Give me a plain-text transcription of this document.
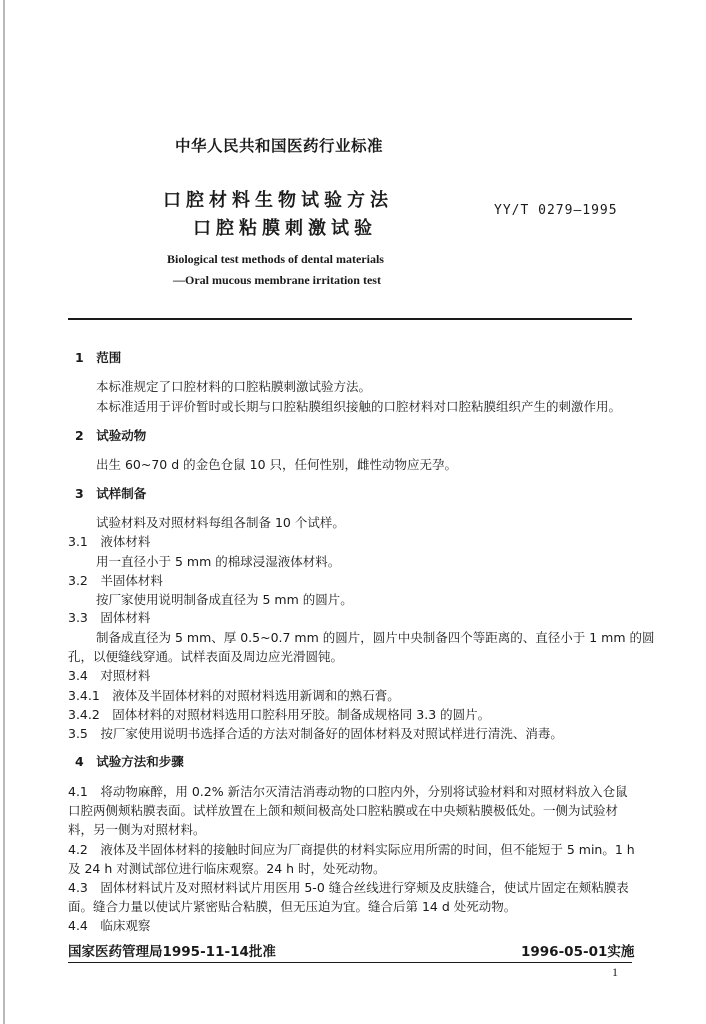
中华人民共和国医药行业标准
口腔材料生物试验方法
口腔粘膜刺激试验
YY/T 0279—1995
Biological test methods of dental materials
—Oral mucous membrane irritation test
1　范围
本标准规定了口腔材料的口腔粘膜刺激试验方法。
本标准适用于评价暂时或长期与口腔粘膜组织接触的口腔材料对口腔粘膜组织产生的刺激作用。
2　试验动物
出生 60~70 d 的金色仓鼠 10 只，任何性别，雌性动物应无孕。
3　试样制备
试验材料及对照材料每组各制备 10 个试样。
3.1　液体材料
用一直径小于 5 mm 的棉球浸湿液体材料。
3.2　半固体材料
按厂家使用说明制备成直径为 5 mm 的圆片。
3.3　固体材料
制备成直径为 5 mm、厚 0.5~0.7 mm 的圆片，圆片中央制备四个等距离的、直径小于 1 mm 的圆
孔，以便缝线穿通。试样表面及周边应光滑圆钝。
3.4　对照材料
3.4.1　液体及半固体材料的对照材料选用新调和的熟石膏。
3.4.2　固体材料的对照材料选用口腔科用牙胶。制备成规格同 3.3 的圆片。
3.5　按厂家使用说明书选择合适的方法对制备好的固体材料及对照试样进行清洗、消毒。
4　试验方法和步骤
4.1　将动物麻醉，用 0.2% 新洁尔灭清洁消毒动物的口腔内外，分别将试验材料和对照材料放入仓鼠
口腔两侧颊粘膜表面。试样放置在上颌和颊间极高处口腔粘膜或在中央颊粘膜极低处。一侧为试验材
料，另一侧为对照材料。
4.2　液体及半固体材料的接触时间应为厂商提供的材料实际应用所需的时间，但不能短于 5 min。1 h
及 24 h 对测试部位进行临床观察。24 h 时，处死动物。
4.3　固体材料试片及对照材料试片用医用 5-0 缝合丝线进行穿颊及皮肤缝合，使试片固定在颊粘膜表
面。缝合力量以使试片紧密贴合粘膜，但无压迫为宜。缝合后第 14 d 处死动物。
4.4　临床观察
国家医药管理局1995-11-14批准	1996-05-01实施
1
